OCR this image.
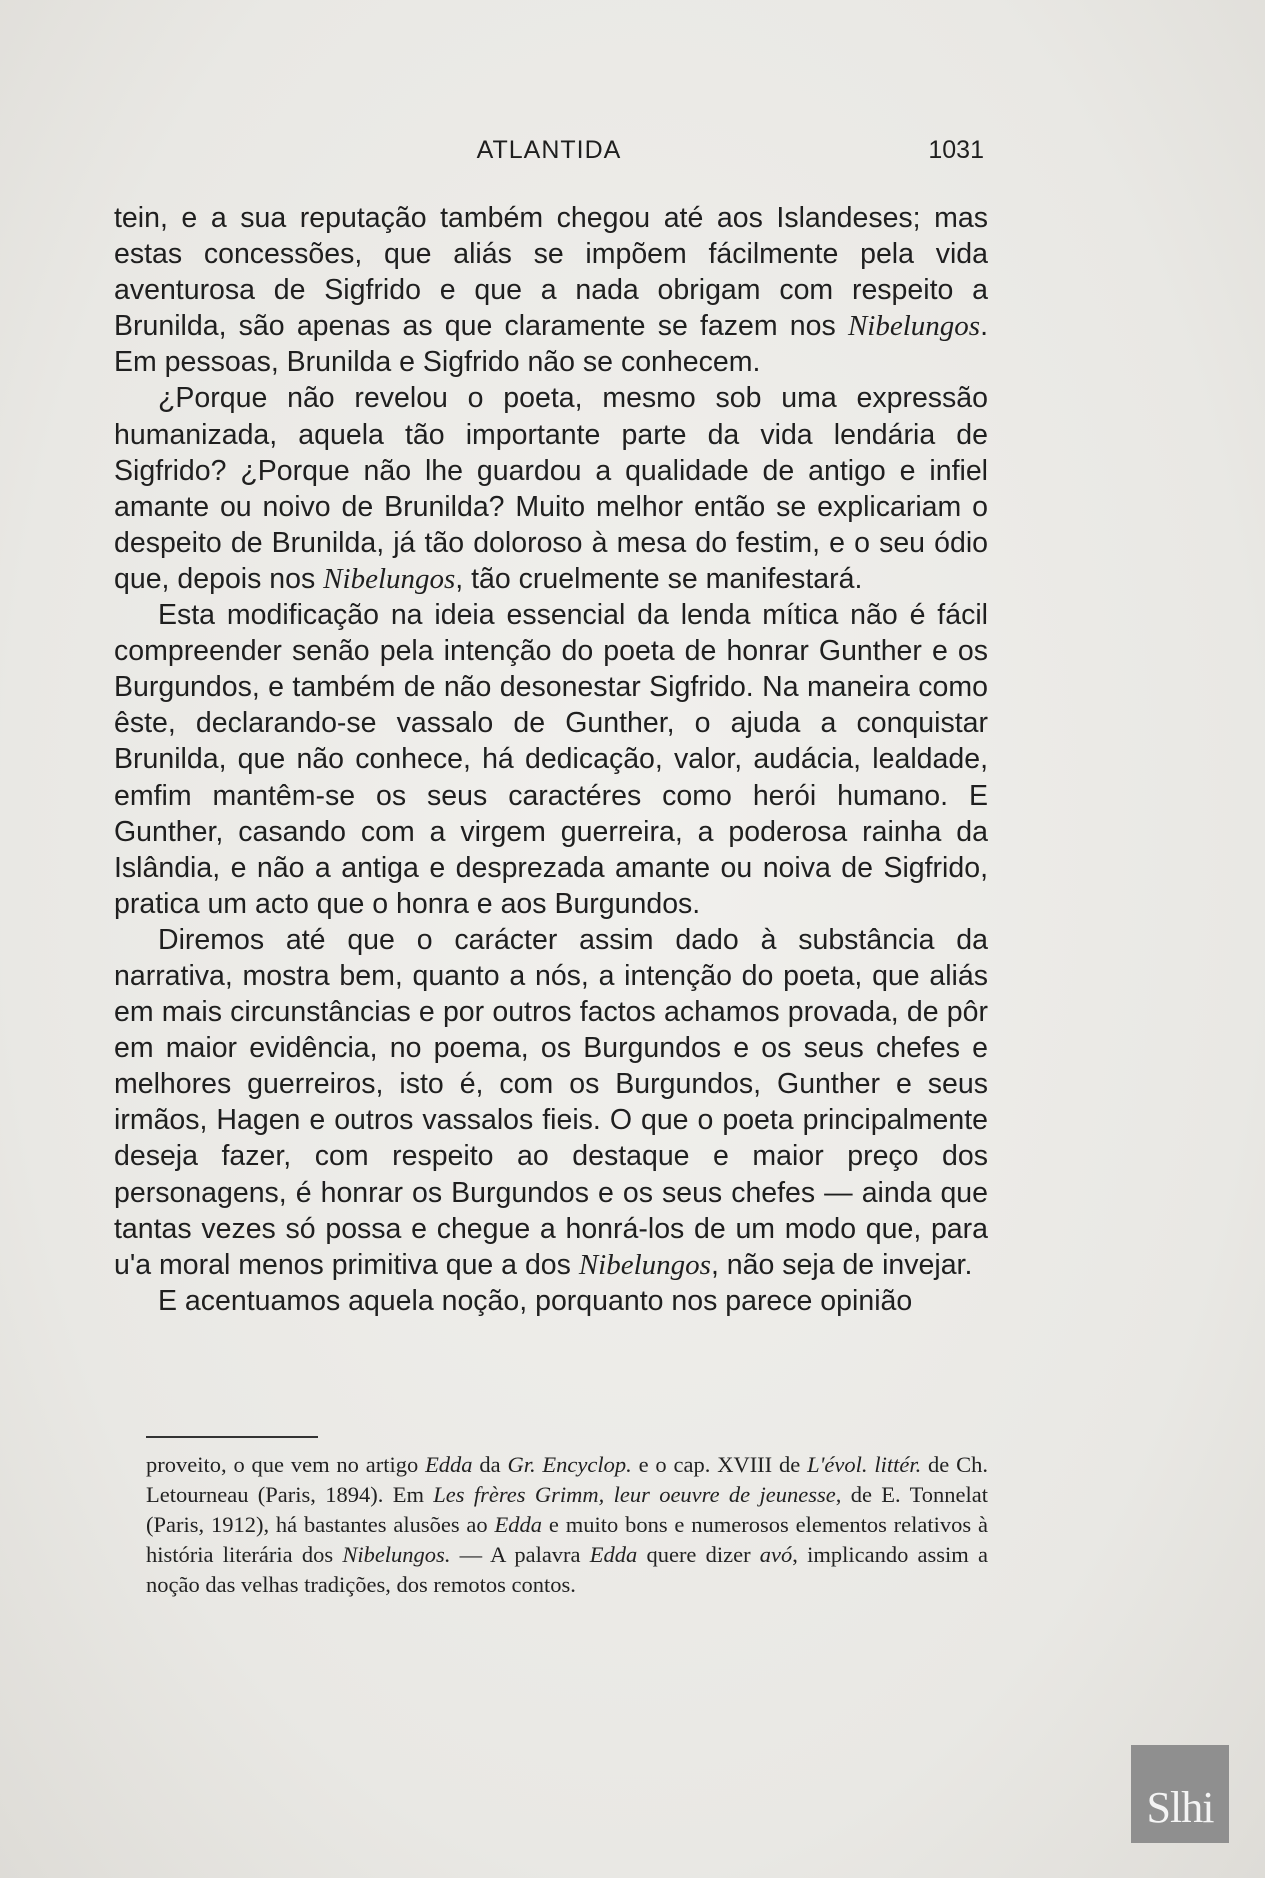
ATLANTIDA	1031

tein, e a sua reputação também chegou até aos Islandeses; mas estas concessões, que aliás se impõem fácilmente pela vida aventurosa de Sigfrido e que a nada obrigam com respeito a Brunilda, são apenas as que claramente se fazem nos Nibelungos. Em pessoas, Brunilda e Sigfrido não se conhecem.

¿Porque não revelou o poeta, mesmo sob uma expressão humanizada, aquela tão importante parte da vida lendária de Sigfrido? ¿Porque não lhe guardou a qualidade de antigo e infiel amante ou noivo de Brunilda? Muito melhor então se explicariam o despeito de Brunilda, já tão doloroso à mesa do festim, e o seu ódio que, depois nos Nibelungos, tão cruelmente se manifestará.

Esta modificação na ideia essencial da lenda mítica não é fácil compreender senão pela intenção do poeta de honrar Gunther e os Burgundos, e também de não desonestar Sigfrido. Na maneira como êste, declarando-se vassalo de Gunther, o ajuda a conquistar Brunilda, que não conhece, há dedicação, valor, audácia, lealdade, emfim mantêm-se os seus caractéres como herói humano. E Gunther, casando com a virgem guerreira, a poderosa rainha da Islândia, e não a antiga e desprezada amante ou noiva de Sigfrido, pratica um acto que o honra e aos Burgundos.

Diremos até que o carácter assim dado à substância da narrativa, mostra bem, quanto a nós, a intenção do poeta, que aliás em mais circunstâncias e por outros factos achamos provada, de pôr em maior evidência, no poema, os Burgundos e os seus chefes e melhores guerreiros, isto é, com os Burgundos, Gunther e seus irmãos, Hagen e outros vassalos fieis. O que o poeta principalmente deseja fazer, com respeito ao destaque e maior preço dos personagens, é honrar os Burgundos e os seus chefes — ainda que tantas vezes só possa e chegue a honrá-los de um modo que, para u'a moral menos primitiva que a dos Nibelungos, não seja de invejar.

E acentuamos aquela noção, porquanto nos parece opinião

proveito, o que vem no artigo Edda da Gr. Encyclop. e o cap. XVIII de L'évol. littér. de Ch. Letourneau (Paris, 1894). Em Les frères Grimm, leur oeuvre de jeunesse, de E. Tonnelat (Paris, 1912), há bastantes alusões ao Edda e muito bons e numerosos elementos relativos à história literária dos Nibelungos. — A palavra Edda quere dizer avó, implicando assim a noção das velhas tradições, dos remotos contos.

Slhi
